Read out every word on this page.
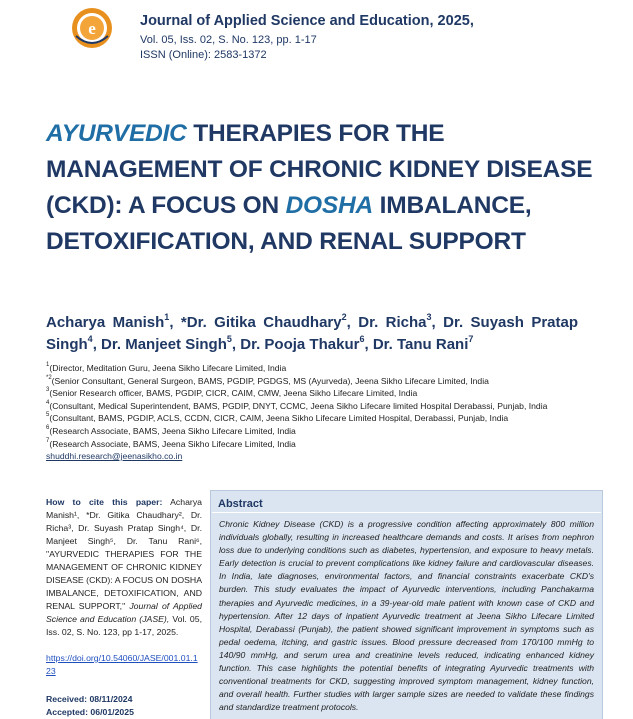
e	Journal of Applied Science and Education, 2025,
Vol. 05, Iss. 02, S. No. 123, pp. 1-17
ISSN (Online): 2583-1372
AYURVEDIC THERAPIES FOR THE MANAGEMENT OF CHRONIC KIDNEY DISEASE (CKD): A FOCUS ON DOSHA IMBALANCE, DETOXIFICATION, AND RENAL SUPPORT
Acharya Manish$^1$, *Dr. Gitika Chaudhary$^2$, Dr. Richa$^3$, Dr. Suyash Pratap Singh$^4$, Dr. Manjeet Singh$^5$, Dr. Pooja Thakur$^6$, Dr. Tanu Rani$^7$
$^1$(Director, Meditation Guru, Jeena Sikho Lifecare Limited, India
$^{*2}$(Senior Consultant, General Surgeon, BAMS, PGDIP, PGDGS, MS (Ayurveda), Jeena Sikho Lifecare Limited, India
$^3$(Senior Research officer, BAMS, PGDIP, CICR, CAIM, CMW, Jeena Sikho Lifecare Limited, India
$^4$(Consultant, Medical Superintendent, BAMS, PGDIP, DNYT, CCMC, Jeena Sikho Lifecare limited Hospital Derabassi, Punjab, India
$^5$(Consultant, BAMS, PGDIP, ACLS, CCDN, CICR, CAIM, Jeena Sikho Lifecare Limited Hospital, Derabassi, Punjab, India
$^6$(Research Associate, BAMS, Jeena Sikho Lifecare Limited, India
$^7$(Research Associate, BAMS, Jeena Sikho Lifecare Limited, India
shuddhi.research@jeenasikho.co.in
How to cite this paper: Acharya Manish¹, *Dr. Gitika Chaudhary², Dr. Richa³, Dr. Suyash Pratap Singh⁴, Dr. Manjeet Singh⁵, Dr. Tanu Rani⁶, "AYURVEDIC THERAPIES FOR THE MANAGEMENT OF CHRONIC KIDNEY DISEASE (CKD): A FOCUS ON DOSHA IMBALANCE, DETOXIFICATION, AND RENAL SUPPORT," Journal of Applied Science and Education (JASE), Vol. 05, Iss. 02, S. No. 123, pp 1-17, 2025.
https://doi.org/10.54060/JASE/001.01.123
Received: 08/11/2024
Accepted: 06/01/2025
Abstract

Chronic Kidney Disease (CKD) is a progressive condition affecting approximately 800 million individuals globally, resulting in increased healthcare demands and costs. It arises from nephron loss due to underlying conditions such as diabetes, hypertension, and exposure to heavy metals. Early detection is crucial to prevent complications like kidney failure and cardiovascular diseases. In India, late diagnoses, environmental factors, and financial constraints exacerbate CKD's burden. This study evaluates the impact of Ayurvedic interventions, including Panchakarma therapies and Ayurvedic medicines, in a 39-year-old male patient with known case of CKD and hypertension. After 12 days of inpatient Ayurvedic treatment at Jeena Sikho Lifecare Limited Hospital, Derabassi (Punjab), the patient showed significant improvement in symptoms such as pedal oedema, itching, and gastric issues. Blood pressure decreased from 170/100 mmHg to 140/90 mmHg, and serum urea and creatinine levels reduced, indicating enhanced kidney function. This case highlights the potential benefits of integrating Ayurvedic treatments with conventional treatments for CKD, suggesting improved symptom management, kidney function, and overall health. Further studies with larger sample sizes are needed to validate these findings and standardize treatment protocols.
